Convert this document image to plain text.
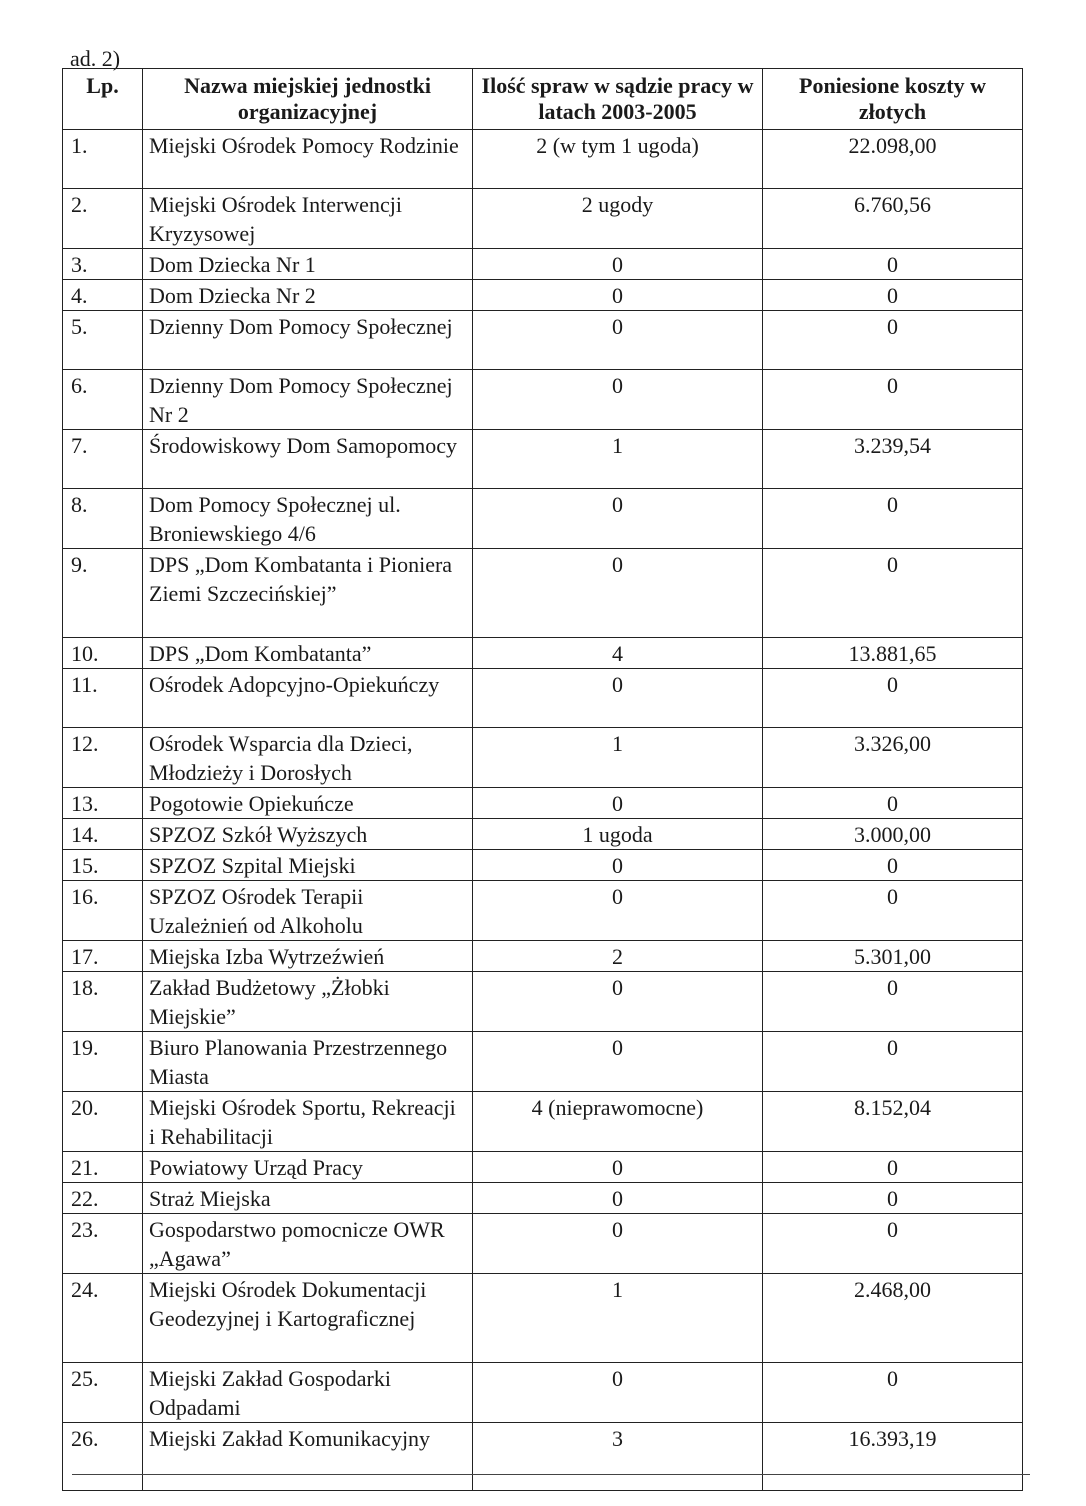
ad. 2)
Lp.	Nazwa miejskiej jednostki organizacyjnej	Ilość spraw w sądzie pracy w latach 2003-2005	Poniesione koszty w złotych
1.	Miejski Ośrodek Pomocy Rodzinie	2 (w tym 1 ugoda)	22.098,00
2.	Miejski Ośrodek Interwencji Kryzysowej	2 ugody	6.760,56
3.	Dom Dziecka Nr 1	0	0
4.	Dom Dziecka Nr 2	0	0
5.	Dzienny Dom Pomocy Społecznej	0	0
6.	Dzienny Dom Pomocy Społecznej Nr 2	0	0
7.	Środowiskowy Dom Samopomocy	1	3.239,54
8.	Dom Pomocy Społecznej ul. Broniewskiego 4/6	0	0
9.	DPS „Dom Kombatanta i Pioniera Ziemi Szczecińskiej”	0	0
10.	DPS „Dom Kombatanta”	4	13.881,65
11.	Ośrodek Adopcyjno-Opiekuńczy	0	0
12.	Ośrodek Wsparcia dla Dzieci, Młodzieży i Dorosłych	1	3.326,00
13.	Pogotowie Opiekuńcze	0	0
14.	SPZOZ Szkół Wyższych	1 ugoda	3.000,00
15.	SPZOZ Szpital Miejski	0	0
16.	SPZOZ Ośrodek Terapii Uzależnień od Alkoholu	0	0
17.	Miejska Izba Wytrzeźwień	2	5.301,00
18.	Zakład Budżetowy „Żłobki Miejskie”	0	0
19.	Biuro Planowania Przestrzennego Miasta	0	0
20.	Miejski Ośrodek Sportu, Rekreacji i Rehabilitacji	4 (nieprawomocne)	8.152,04
21.	Powiatowy Urząd Pracy	0	0
22.	Straż Miejska	0	0
23.	Gospodarstwo pomocnicze OWR „Agawa”	0	0
24.	Miejski Ośrodek Dokumentacji Geodezyjnej i Kartograficznej	1	2.468,00
25.	Miejski Zakład Gospodarki Odpadami	0	0
26.	Miejski Zakład Komunikacyjny	3	16.393,19
